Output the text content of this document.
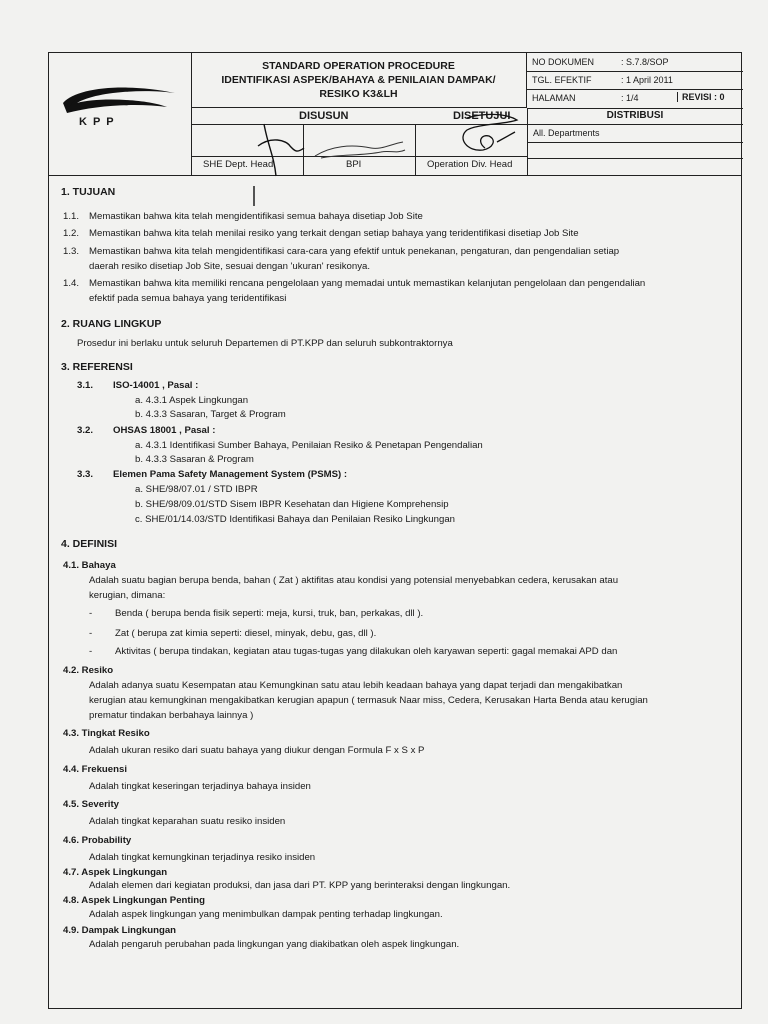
KPP
STANDARD OPERATION PROCEDURE
IDENTIFIKASI ASPEK/BAHAYA & PENILAIAN DAMPAK/
RESIKO K3&LH
NO DOKUMEN	: S.7.8/SOP
TGL. EFEKTIF	: 1 April 2011
HALAMAN	: 1/4	REVISI : 0
DISUSUN	DISETUJUI
SHE Dept. Head	BPI	Operation Div. Head
DISTRIBUSI
All. Departments
1. TUJUAN
1.1. Memastikan bahwa kita telah mengidentifikasi semua bahaya disetiap Job Site
1.2. Memastikan bahwa kita telah menilai resiko yang terkait dengan setiap bahaya yang teridentifikasi disetiap Job Site
1.3. Memastikan bahwa kita telah mengidentifikasi cara-cara yang efektif untuk penekanan, pengaturan, dan pengendalian setiap
daerah resiko disetiap Job Site, sesuai dengan 'ukuran' resikonya.
1.4. Memastikan bahwa kita memiliki rencana pengelolaan yang memadai untuk memastikan kelanjutan pengelolaan dan pengendalian
efektif pada semua bahaya yang teridentifikasi
2. RUANG LINGKUP
Prosedur ini berlaku untuk seluruh Departemen di PT.KPP dan seluruh subkontraktornya
3. REFERENSI
3.1. ISO-14001 , Pasal :
a. 4.3.1 Aspek Lingkungan
b. 4.3.3 Sasaran, Target & Program
3.2. OHSAS 18001 , Pasal :
a. 4.3.1 Identifikasi Sumber Bahaya, Penilaian Resiko & Penetapan Pengendalian
b. 4.3.3 Sasaran & Program
3.3. Elemen Pama Safety Management System (PSMS) :
a. SHE/98/07.01 / STD IBPR
b. SHE/98/09.01/STD Sisem IBPR Kesehatan dan Higiene Komprehensip
c. SHE/01/14.03/STD Identifikasi Bahaya dan Penilaian Resiko Lingkungan
4. DEFINISI
4.1. Bahaya
Adalah suatu bagian berupa benda, bahan ( Zat ) aktifitas atau kondisi yang potensial menyebabkan cedera, kerusakan atau
kerugian, dimana:
- Benda ( berupa benda fisik seperti: meja, kursi, truk, ban, perkakas, dll ).
- Zat ( berupa zat kimia seperti: diesel, minyak, debu, gas, dll ).
- Aktivitas ( berupa tindakan, kegiatan atau tugas-tugas yang dilakukan oleh karyawan seperti: gagal memakai APD dan
4.2. Resiko
Adalah adanya suatu Kesempatan atau Kemungkinan satu atau lebih keadaan bahaya yang dapat terjadi dan mengakibatkan
kerugian atau kemungkinan mengakibatkan kerugian apapun ( termasuk Naar miss, Cedera, Kerusakan Harta Benda atau kerugian
prematur tindakan berbahaya lainnya )
4.3. Tingkat Resiko
Adalah ukuran resiko dari suatu bahaya yang diukur dengan Formula F x S x P
4.4. Frekuensi
Adalah tingkat keseringan terjadinya bahaya insiden
4.5. Severity
Adalah tingkat keparahan suatu resiko insiden
4.6. Probability
Adalah tingkat kemungkinan terjadinya resiko insiden
4.7. Aspek Lingkungan
Adalah elemen dari kegiatan produksi, dan jasa dari PT. KPP yang berinteraksi dengan lingkungan.
4.8. Aspek Lingkungan Penting
Adalah aspek lingkungan yang menimbulkan dampak penting terhadap lingkungan.
4.9. Dampak Lingkungan
Adalah pengaruh perubahan pada lingkungan yang diakibatkan oleh aspek lingkungan.
